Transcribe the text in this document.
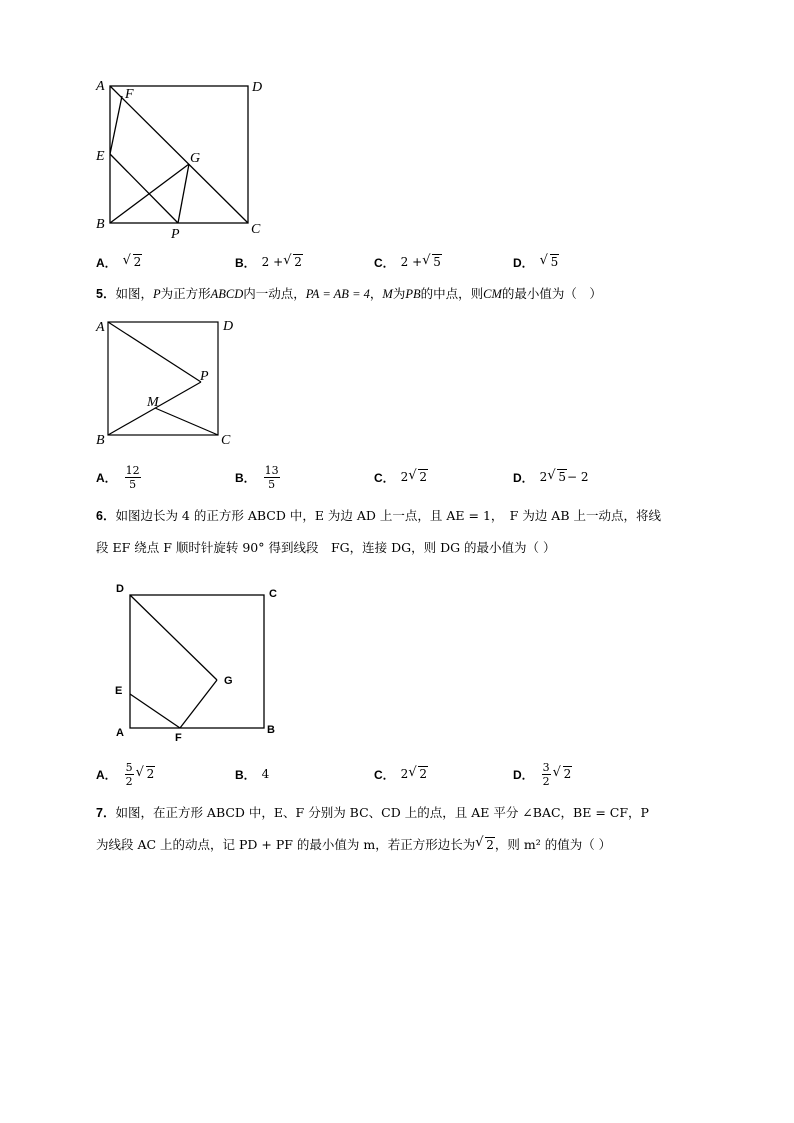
A	D
F
E	G
B
P	C
A．	√ 2	B． 2 + √ 2	C． 2 + √ 5	D．	√ 5
5．如图，P为正方形ABCD内一动点，PA = AB = 4，M为PB的中点，则CM的最小值为（　）
A	D
P
M
B	C
A． $\frac{12}{5}$	B． $\frac{13}{5}$	C． 2 √ 2	D． 2 √ 5 − 2
6．如图边长为 4 的正方形 ABCD 中，E 为边 AD 上一点，且 AE = 1，　F 为边 AB 上一动点，将线
段 EF 绕点 F 顺时针旋转 90° 得到线段　FG，连接 DG，则 DG 的最小值为（ ）
D	C
G
E
A	F
B
A． $\frac{5}{2}$	√ 2	B． 4	C． 2 √ 2	D． $\frac{3}{2}$	√ 2
7．如图，在正方形 ABCD 中，E、F 分别为 BC、CD 上的点，且 AE 平分 ∠BAC，BE = CF，P
为线段 AC 上的动点，记 PD + PF 的最小值为 m，若正方形边长为 √ 2，则 m² 的值为（ ）
